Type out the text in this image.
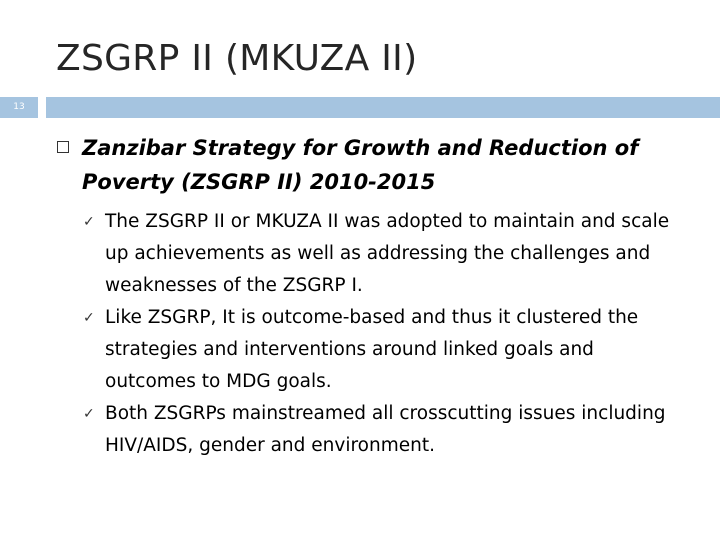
ZSGRP II (MKUZA II)
13
Zanzibar Strategy for Growth and Reduction of Poverty (ZSGRP II) 2010-2015
✓ The ZSGRP II or MKUZA II was adopted to maintain and scale up achievements as well as addressing the challenges and weaknesses of the ZSGRP I.
✓ Like ZSGRP, It is outcome-based and thus it clustered the strategies and interventions around linked goals and outcomes to MDG goals.
✓ Both ZSGRPs mainstreamed all crosscutting issues including HIV/AIDS, gender and environment.
